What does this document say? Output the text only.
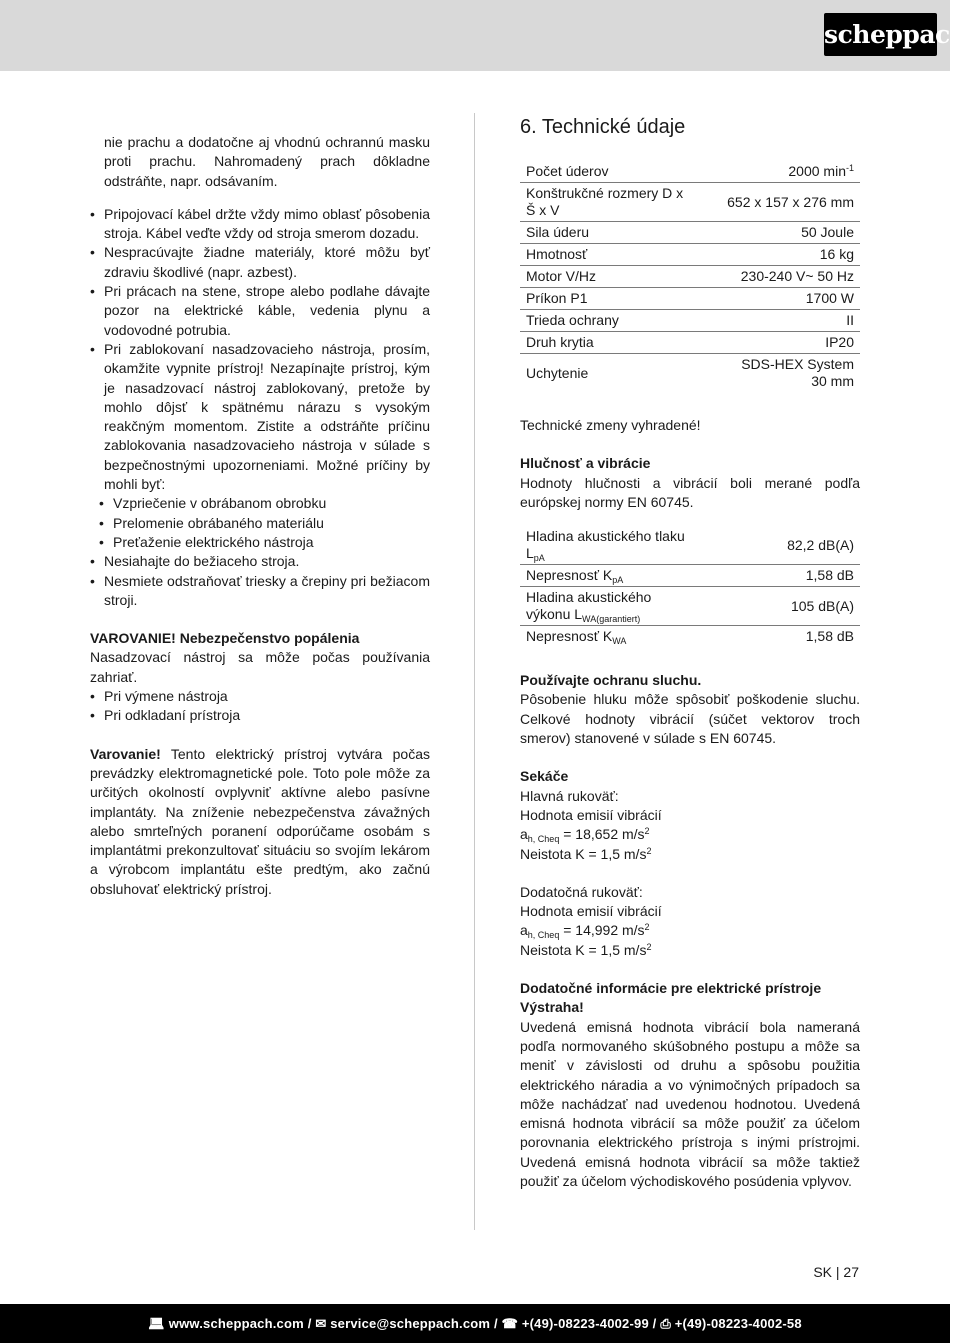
scheppach

nie prachu a dodatočne aj vhodnú ochrannú masku proti prachu. Nahromadený prach dôkladne odstráňte, napr. odsávaním.

• Pripojovací kábel držte vždy mimo oblasť pôsobenia stroja. Kábel veďte vždy od stroja smerom dozadu.
• Nespracúvajte žiadne materiály, ktoré môžu byť zdraviu škodlivé (napr. azbest).
• Pri prácach na stene, strope alebo podlahe dávajte pozor na elektrické káble, vedenia plynu a vodovodné potrubia.
• Pri zablokovaní nasadzovacieho nástroja, prosím, okamžite vypnite prístroj! Nezapínajte prístroj, kým je nasadzovací nástroj zablokovaný, pretože by mohlo dôjsť k spätnému nárazu s vysokým reakčným momentom. Zistite a odstráňte príčinu zablokovania nasadzovacieho nástroja v súlade s bezpečnostnými upozorneniami. Možné príčiny by mohli byť:
• Vzpriečenie v obrábanom obrobku
• Prelomenie obrábaného materiálu
• Preťaženie elektrického nástroja
• Nesiahajte do bežiaceho stroja.
• Nesmiete odstraňovať triesky a črepiny pri bežiacom stroji.
VAROVANIE! Nebezpečenstvo popálenia

Nasadzovací nástroj sa môže počas používania zahriať.

• Pri výmene nástroja
• Pri odkladaní prístroja

Varovanie! Tento elektrický prístroj vytvára počas prevádzky elektromagnetické pole. Toto pole môže za určitých okolností ovplyvniť aktívne alebo pasívne implantáty. Na zníženie nebezpečenstva závažných alebo smrteľných poranení odporúčame osobám s implantátmi prekonzultovať situáciu so svojím lekárom a výrobcom implantátu ešte predtým, ako začnú obsluhovať elektrický prístroj.

6. Technické údaje
Počet úderov	2000 $\min^{-1}$
Konštrukčné rozmery D x Š x V	652 x 157 x 276 mm
Sila úderu	50 Joule
Hmotnosť	16 kg
Motor V/Hz	230-240 V~ 50 Hz
Príkon P1	1700 W
Trieda ochrany	II
Druh krytia	IP20
Uchytenie	SDS-HEX System 30 mm
Technické zmeny vyhradené!
Hlučnosť a vibrácie

Hodnoty hlučnosti a vibrácií boli merané podľa európskej normy EN 60745.

Hladina akustického tlaku $L_{pA}$	82,2 dB(A)
Nepresnosť $K_{pA}$	1,58 dB
Hladina akustického výkonu $L_{WA(garantiert)}$	105 dB(A)
Nepresnosť $K_{WA}$	1,58 dB
Používajte ochranu sluchu.

Pôsobenie hluku môže spôsobiť poškodenie sluchu. Celkové hodnoty vibrácií (súčet vektorov troch smerov) stanovené v súlade s EN 60745.

Sekáče
Hlavná rukoväť:
Hodnota emisií vibrácií
$a_{h, Cheq} = 18,652$ $m/s^2$
Neistota K = 1,5 $m/s^2$
Dodatočná rukoväť:
Hodnota emisií vibrácií
$a_{h, Cheq} = 14,992$ $m/s^2$
Neistota K = 1,5 $m/s^2$
Dodatočné informácie pre elektrické prístroje
Výstraha!

Uvedená emisná hodnota vibrácií bola nameraná podľa normovaného skúšobného postupu a môže sa meniť v závislosti od druhu a spôsobu použitia elektrického náradia a vo výnimočných prípadoch sa môže nachádzať nad uvedenou hodnotou. Uvedená emisná hodnota vibrácií sa môže použiť za účelom porovnania elektrického prístroja s inými prístrojmi. Uvedená emisná hodnota vibrácií sa môže taktiež použiť za účelom východiskového posúdenia vplyvov.

SK | 27
💻︎ www.scheppach.com / ✉︎ service@scheppach.com / ☎︎ +(49)-08223-4002-99 / ⎙ +(49)-08223-4002-58
